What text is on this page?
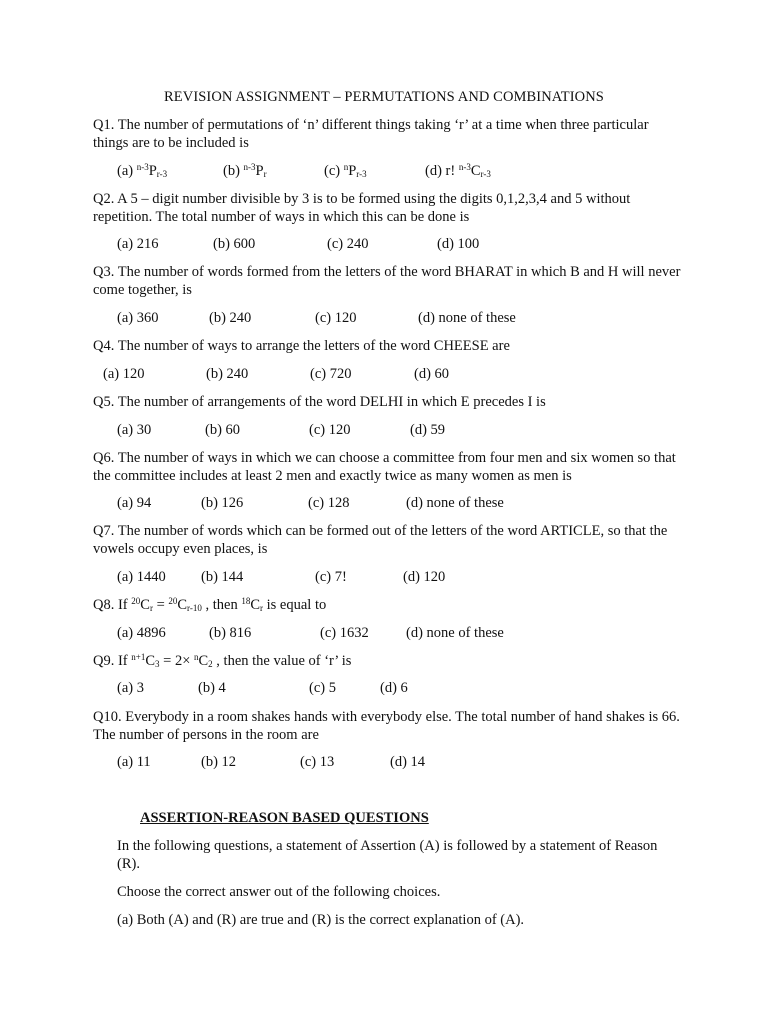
REVISION ASSIGNMENT – PERMUTATIONS AND COMBINATIONS
Q1. The number of permutations of ‘n’ different things taking ‘r’ at a time when three particular things are to be included is
(a) $^{n-3}P_{r-3}$	(b) $^{n-3}P_r$	(c) $^nP_{r-3}$	(d) r! $^{n-3}C_{r-3}$
Q2. A 5 – digit number divisible by 3 is to be formed using the digits 0,1,2,3,4 and 5 without repetition. The total number of ways in which this can be done is
(a) 216	(b) 600	(c) 240	(d) 100
Q3. The number of words formed from the letters of the word BHARAT in which B and H will never come together, is
(a) 360	(b) 240	(c) 120	(d) none of these
Q4. The number of ways to arrange the letters of the word CHEESE are
(a) 120	(b) 240	(c) 720	(d) 60
Q5. The number of arrangements of the word DELHI in which E precedes I is
(a) 30	(b) 60	(c) 120	(d) 59
Q6. The number of ways in which we can choose a committee from four men and six women so that the committee includes at least 2 men and exactly twice as many women as men is
(a) 94	(b) 126	(c) 128	(d) none of these
Q7. The number of words which can be formed out of the letters of the word ARTICLE, so that the vowels occupy even places, is
(a) 1440 (b) 144	(c) 7!	(d) 120
Q8. If $^{20}C_r = ^{20}C_{r-10}$ , then $^{18}C_r$ is equal to
(a) 4896	(b) 816	(c) 1632	(d) none of these
Q9. If $^{n+1}C_3 = 2\times ^nC_2$ , then the value of ‘r’ is
(a) 3	(b) 4	(c) 5	(d) 6
Q10. Everybody in a room shakes hands with everybody else. The total number of hand shakes is 66. The number of persons in the room are
(a) 11	(b) 12	(c) 13	(d) 14
ASSERTION-REASON BASED QUESTIONS
In the following questions, a statement of Assertion (A) is followed by a statement of Reason (R).
Choose the correct answer out of the following choices.
(a) Both (A) and (R) are true and (R) is the correct explanation of (A).
